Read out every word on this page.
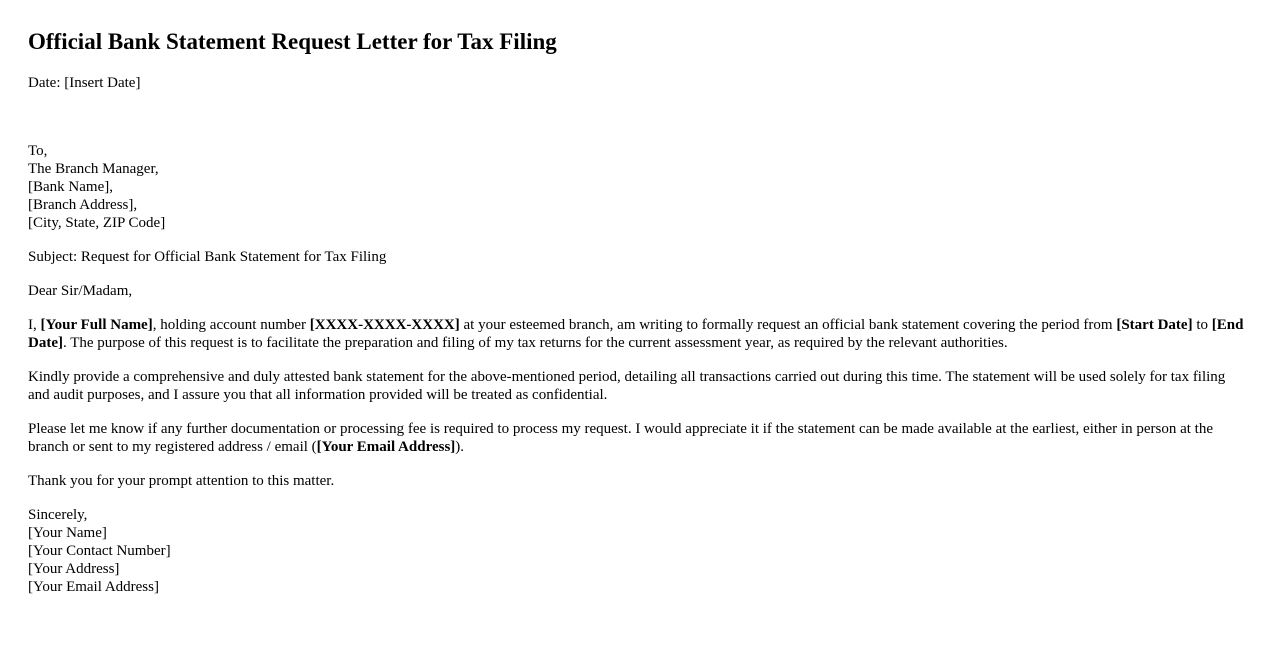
Official Bank Statement Request Letter for Tax Filing

Date: [Insert Date]

To,
The Branch Manager,
[Bank Name],
[Branch Address],
[City, State, ZIP Code]

Subject: Request for Official Bank Statement for Tax Filing

Dear Sir/Madam,

I, [Your Full Name], holding account number [XXXX-XXXX-XXXX] at your esteemed branch, am writing to formally request an official bank statement covering the period from [Start Date] to [End Date]. The purpose of this request is to facilitate the preparation and filing of my tax returns for the current assessment year, as required by the relevant authorities.

Kindly provide a comprehensive and duly attested bank statement for the above-mentioned period, detailing all transactions carried out during this time. The statement will be used solely for tax filing and audit purposes, and I assure you that all information provided will be treated as confidential.

Please let me know if any further documentation or processing fee is required to process my request. I would appreciate it if the statement can be made available at the earliest, either in person at the branch or sent to my registered address / email ([Your Email Address]).

Thank you for your prompt attention to this matter.

Sincerely,
[Your Name]
[Your Contact Number]
[Your Address]
[Your Email Address]
